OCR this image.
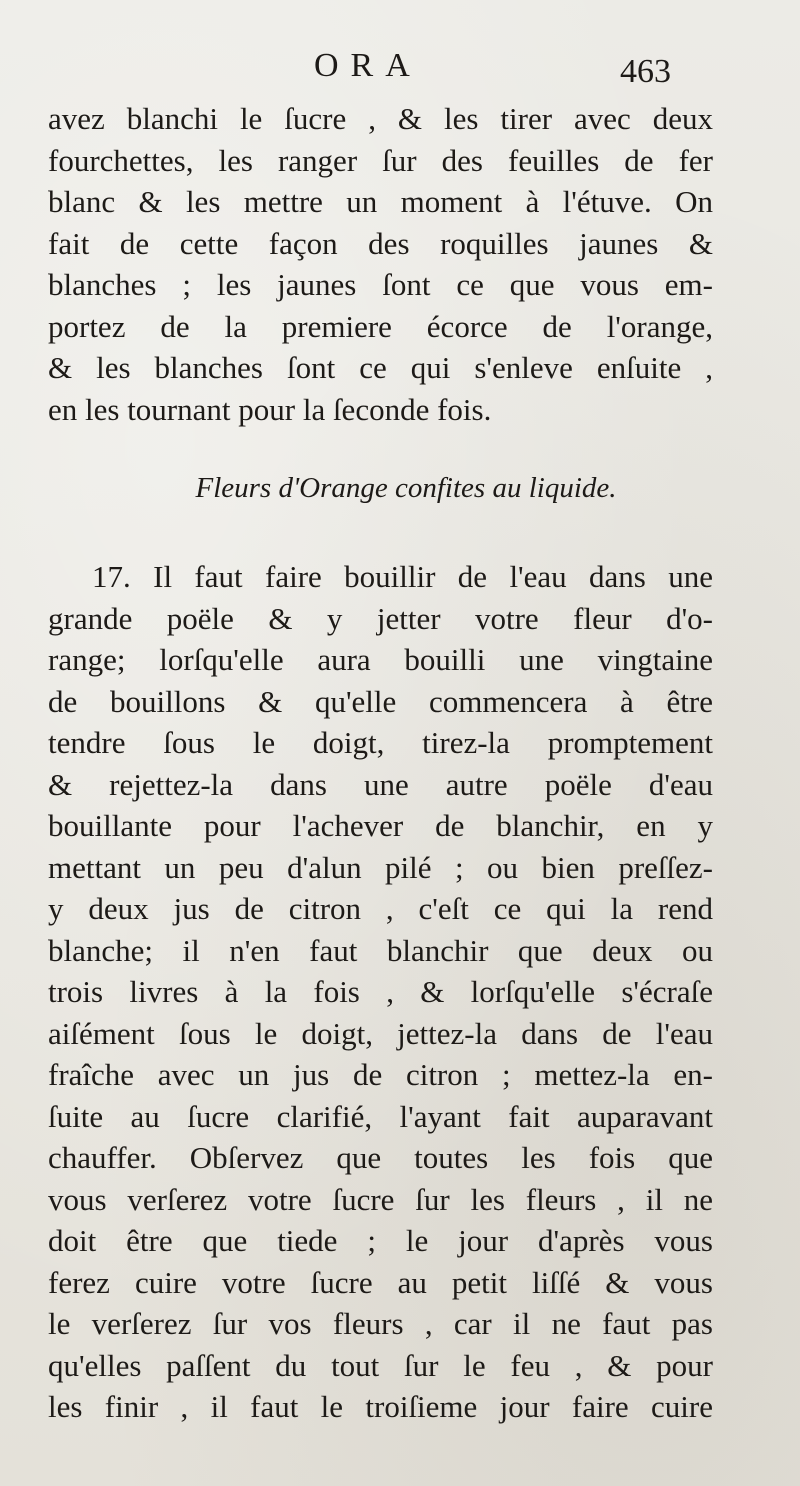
ORA	463
avez blanchi le ſucre , & les tirer avec deux
fourchettes, les ranger ſur des feuilles de fer
blanc & les mettre un moment à l'étuve. On
fait de cette façon des roquilles jaunes &
blanches ; les jaunes ſont ce que vous em-
portez de la premiere écorce de l'orange,
& les blanches ſont ce qui s'enleve enſuite ,
en les tournant pour la ſeconde fois.
Fleurs d'Orange confites au liquide.
17. Il faut faire bouillir de l'eau dans une
grande poële & y jetter votre fleur d'o-
range; lorſqu'elle aura bouilli une vingtaine
de bouillons & qu'elle commencera à être
tendre ſous le doigt, tirez-la promptement
& rejettez-la dans une autre poële d'eau
bouillante pour l'achever de blanchir, en y
mettant un peu d'alun pilé ; ou bien preſſez-
y deux jus de citron , c'eſt ce qui la rend
blanche; il n'en faut blanchir que deux ou
trois livres à la fois , & lorſqu'elle s'écraſe
aiſément ſous le doigt, jettez-la dans de l'eau
fraîche avec un jus de citron ; mettez-la en-
ſuite au ſucre clarifié, l'ayant fait auparavant
chauffer. Obſervez que toutes les fois que
vous verſerez votre ſucre ſur les fleurs , il ne
doit être que tiede ; le jour d'après vous
ferez cuire votre ſucre au petit liſſé & vous
le verſerez ſur vos fleurs , car il ne faut pas
qu'elles paſſent du tout ſur le feu , & pour
les finir , il faut le troiſieme jour faire cuire
